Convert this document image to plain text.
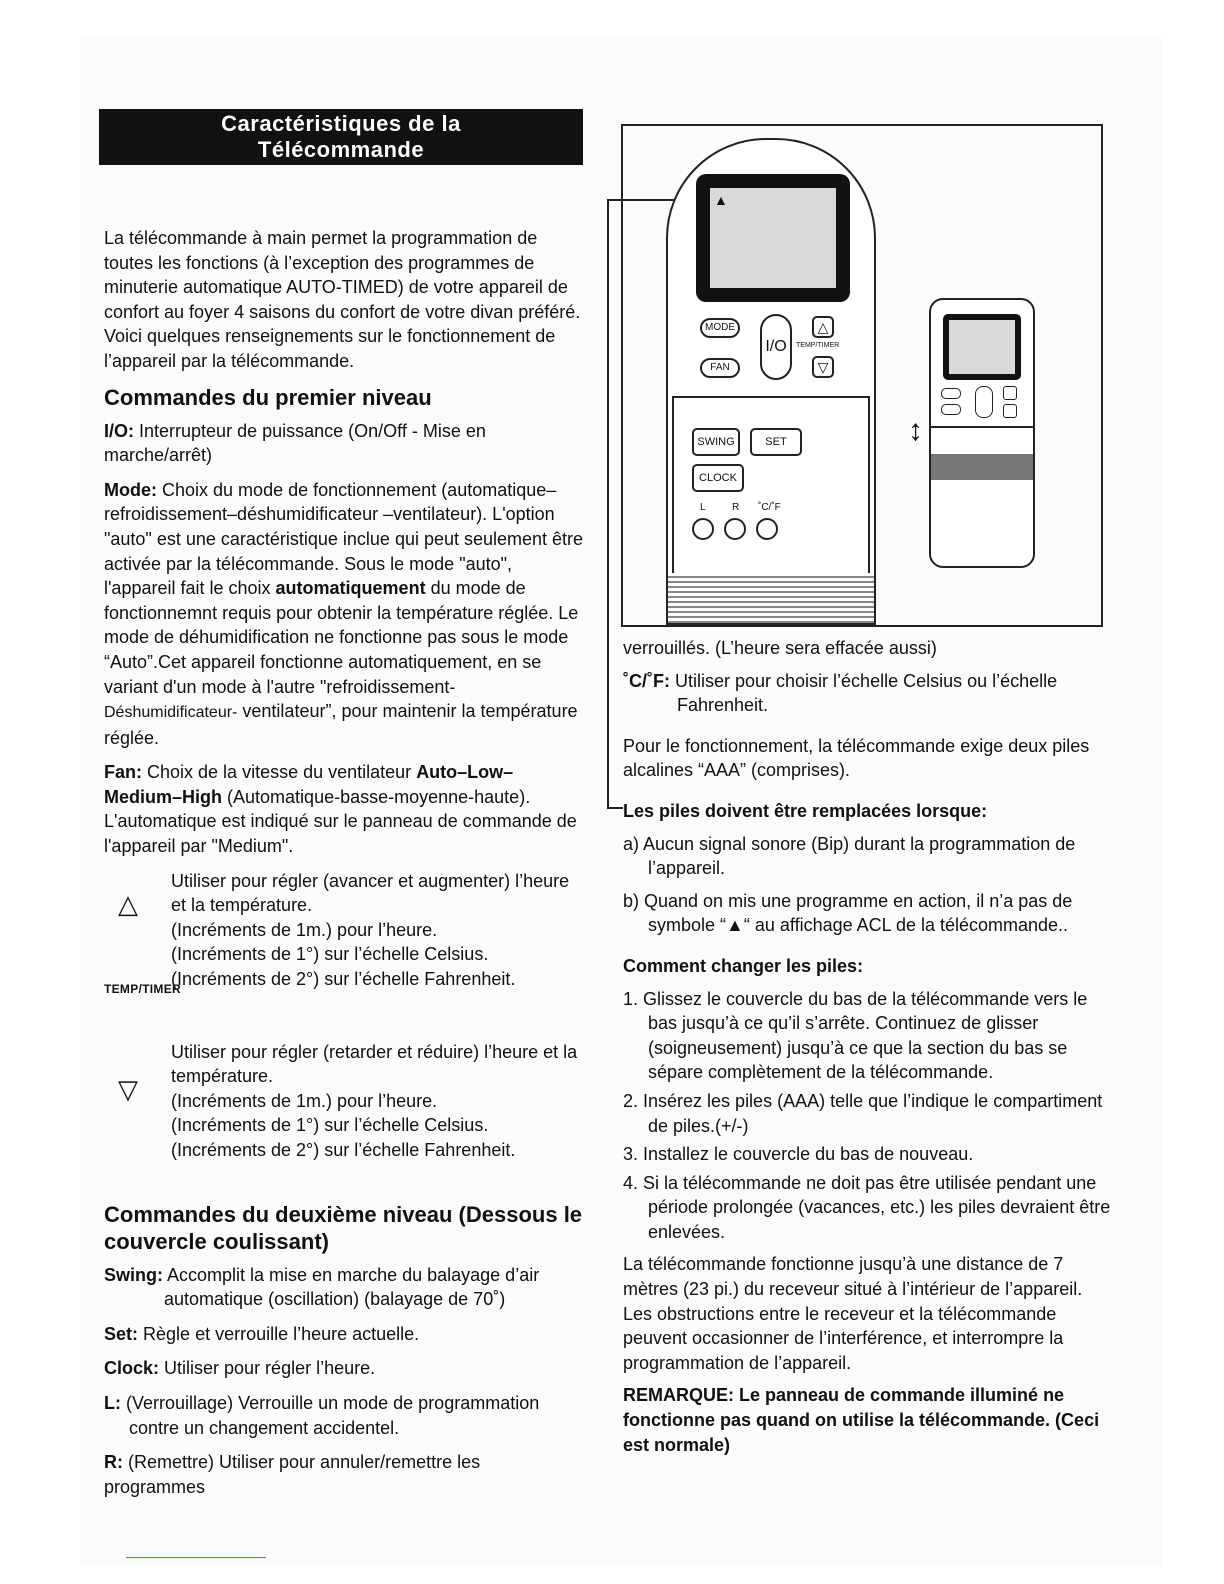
Caractéristiques de la
Télécommande

La télécommande à main permet la programmation de toutes les fonctions (à l’exception des programmes de minuterie automatique AUTO-TIMED) de votre appareil de confort au foyer 4 saisons du confort de votre divan préféré. Voici quelques renseignements sur le fonctionnement de l’appareil par la télécommande.

Commandes du premier niveau

I/O: Interrupteur de puissance (On/Off - Mise en marche/arrêt)

Mode: Choix du mode de fonctionnement (automatique–refroidissement–déshumidificateur –ventilateur). L'option "auto" est une caractéristique inclue qui peut seulement être activée par la télécommande. Sous le mode "auto", l'appareil fait le choix automatiquement du mode de fonctionnemnt requis pour obtenir la température réglée. Le mode de déhumidification ne fonctionne pas sous le mode “Auto”.Cet appareil fonctionne automatiquement, en se variant d'un mode à l'autre "refroidissement-Déshumidificateur- ventilateur”, pour maintenir la température réglée.

Fan: Choix de la vitesse du ventilateur Auto–Low–Medium–High (Automatique-basse-moyenne-haute). L'automatique est indiqué sur le panneau de commande de l'appareil par "Medium".

△

Utiliser pour régler (avancer et augmenter) l’heure et la température.

(Incréments de 1m.) pour l’heure.

(Incréments de 1°) sur l’échelle Celsius.

(Incréments de 2°) sur l’échelle Fahrenheit.

TEMP/TIMER
▽

Utiliser pour régler (retarder et réduire) l’heure et la température.

(Incréments de 1m.) pour l’heure.

(Incréments de 1°) sur l’échelle Celsius.

(Incréments de 2°) sur l’échelle Fahrenheit.

Commandes du deuxième niveau (Dessous le couvercle coulissant)

Swing: Accomplit la mise en marche du balayage d’air automatique (oscillation) (balayage de 70˚)

Set: Règle et verrouille l’heure actuelle.

Clock: Utiliser pour régler l’heure.

L: (Verrouillage) Verrouille un mode de programmation contre un changement accidentel.

R: (Remettre) Utiliser pour annuler/remettre les programmes

▲
MODE
FAN
I/O
△
TEMP/TIMER
▽
SWING	SET
CLOCK
L	R ˚C/˚F
↕

verrouillés. (L’heure sera effacée aussi)

˚C/˚F: Utiliser pour choisir l’échelle Celsius ou l’échelle Fahrenheit.

Pour le fonctionnement, la télécommande exige deux piles alcalines “AAA” (comprises).

Les piles doivent être remplacées lorsque:

a) Aucun signal sonore (Bip) durant la programmation de l’appareil.

b) Quand on mis une programme en action, il n’a pas de symbole “▲“ au affichage ACL de la télécommande..

Comment changer les piles:

1. Glissez le couvercle du bas de la télécommande vers le bas jusqu’à ce qu’il s’arrête. Continuez de glisser (soigneusement) jusqu’à ce que la section du bas se sépare complètement de la télécommande.

2. Insérez les piles (AAA) telle que l’indique le compartiment de piles.(+/-)

3. Installez le couvercle du bas de nouveau.

4. Si la télécommande ne doit pas être utilisée pendant une période prolongée (vacances, etc.) les piles devraient être enlevées.

La télécommande fonctionne jusqu’à une distance de 7 mètres (23 pi.) du receveur situé à l’intérieur de l’appareil. Les obstructions entre le receveur et la télécommande peuvent occasionner de l’interférence, et interrompre la programmation de l’appareil.

REMARQUE: Le panneau de commande illuminé ne fonctionne pas quand on utilise la télécommande. (Ceci est normale)
